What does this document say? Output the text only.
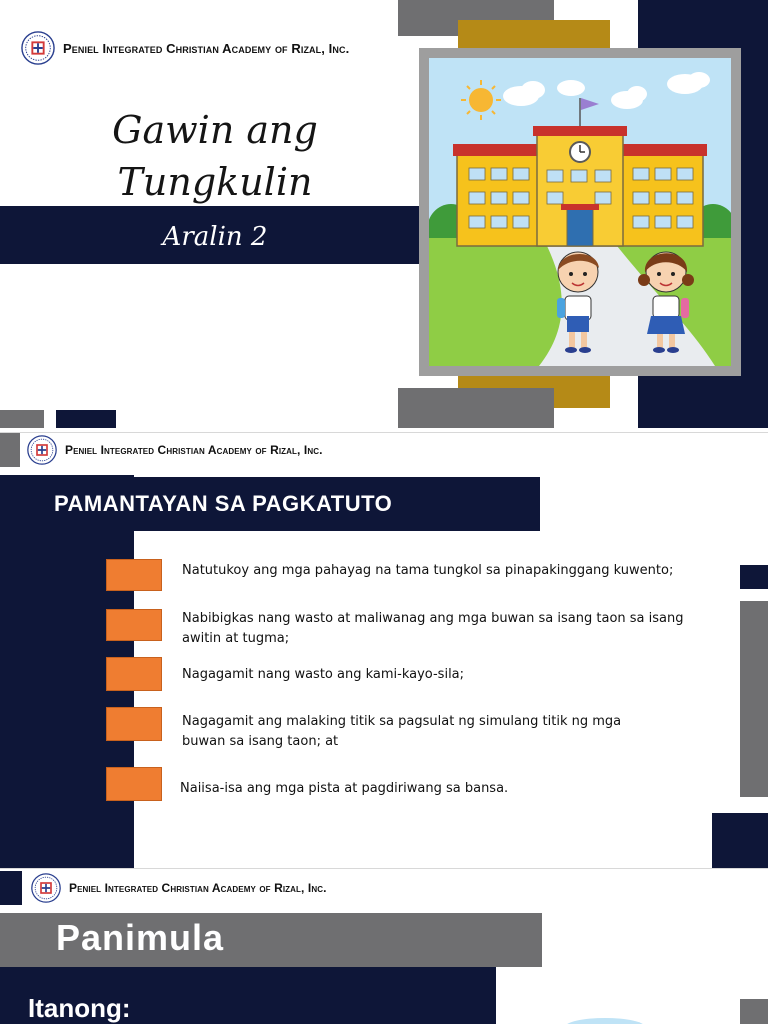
Peniel Integrated Christian Academy of Rizal, Inc.
Gawin ang
Tungkulin
Aralin 2
Peniel Integrated Christian Academy of Rizal, Inc.
PAMANTAYAN SA PAGKATUTO
Natutukoy ang mga pahayag na tama tungkol sa pinapakinggang kuwento;
Nabibigkas nang wasto at maliwanag ang mga buwan sa isang taon sa isang awitin at tugma;
Nagagamit nang wasto ang kami-kayo-sila;
Nagagamit ang malaking titik sa pagsulat ng simulang titik ng mga buwan sa isang taon; at
Naiisa-isa ang mga pista at pagdiriwang sa bansa.
Peniel Integrated Christian Academy of Rizal, Inc.
Panimula
Itanong:
